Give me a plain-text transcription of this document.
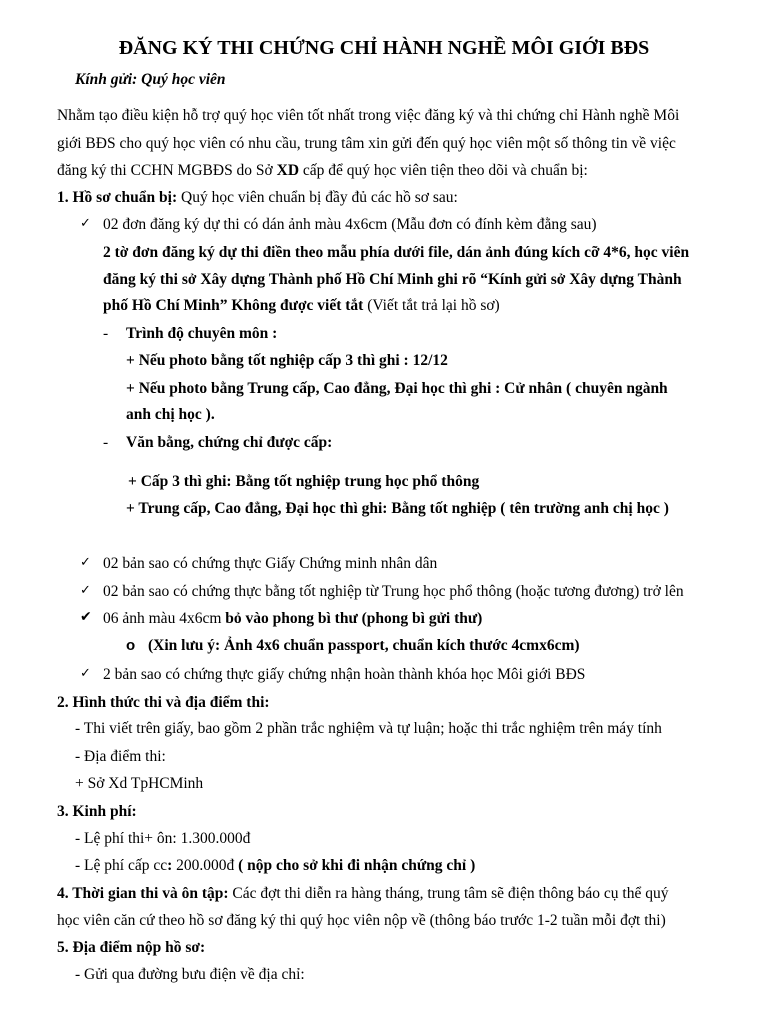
ĐĂNG KÝ THI CHỨNG CHỈ HÀNH NGHỀ MÔI GIỚI BĐS
Kính gửi: Quý học viên
Nhằm tạo điều kiện hỗ trợ quý học viên tốt nhất trong việc đăng ký và thi chứng chỉ Hành nghề Môi
giới BĐS cho quý học viên có nhu cầu, trung tâm xin gửi đến quý học viên một số thông tin về việc
đăng ký thi CCHN MGBĐS do Sở XD cấp để quý học viên tiện theo dõi và chuẩn bị:
1. Hồ sơ chuẩn bị: Quý học viên chuẩn bị đầy đủ các hồ sơ sau:
✓ 02 đơn đăng ký dự thi có dán ảnh màu 4x6cm (Mẫu đơn có đính kèm đằng sau)
2 tờ đơn đăng ký dự thi điền theo mẫu phía dưới file, dán ảnh đúng kích cỡ 4*6, học viên
đăng ký thi sở Xây dựng Thành phố Hồ Chí Minh ghi rõ “Kính gửi sở Xây dựng Thành
phố Hồ Chí Minh” Không được viết tắt (Viết tắt trả lại hồ sơ)
- Trình độ chuyên môn :
+ Nếu photo bằng tốt nghiệp cấp 3 thì ghi : 12/12
+ Nếu photo bằng Trung cấp, Cao đẳng, Đại học thì ghi : Cử nhân ( chuyên ngành
anh chị học ).
- Văn bằng, chứng chỉ được cấp:
+ Cấp 3 thì ghi: Bằng tốt nghiệp trung học phổ thông
+ Trung cấp, Cao đẳng, Đại học thì ghi: Bằng tốt nghiệp ( tên trường anh chị học )
✓ 02 bản sao có chứng thực Giấy Chứng minh nhân dân
✓ 02 bản sao có chứng thực bằng tốt nghiệp từ Trung học phổ thông (hoặc tương đương) trở lên
✔ 06 ảnh màu 4x6cm bỏ vào phong bì thư (phong bì gửi thư)
o (Xin lưu ý: Ảnh 4x6 chuẩn passport, chuẩn kích thước 4cmx6cm)
✓ 2 bản sao có chứng thực giấy chứng nhận hoàn thành khóa học Môi giới BĐS
2. Hình thức thi và địa điểm thi:
- Thi viết trên giấy, bao gồm 2 phần trắc nghiệm và tự luận; hoặc thi trắc nghiệm trên máy tính
- Địa điểm thi:
+ Sở Xd TpHCMinh
3. Kinh phí:
- Lệ phí thi+ ôn: 1.300.000đ
- Lệ phí cấp cc: 200.000đ ( nộp cho sở khi đi nhận chứng chỉ )
4. Thời gian thi và ôn tập: Các đợt thi diễn ra hàng tháng, trung tâm sẽ điện thông báo cụ thể quý
học viên căn cứ theo hồ sơ đăng ký thi quý học viên nộp về (thông báo trước 1-2 tuần mỗi đợt thi)
5. Địa điểm nộp hồ sơ:
- Gửi qua đường bưu điện về địa chỉ:
